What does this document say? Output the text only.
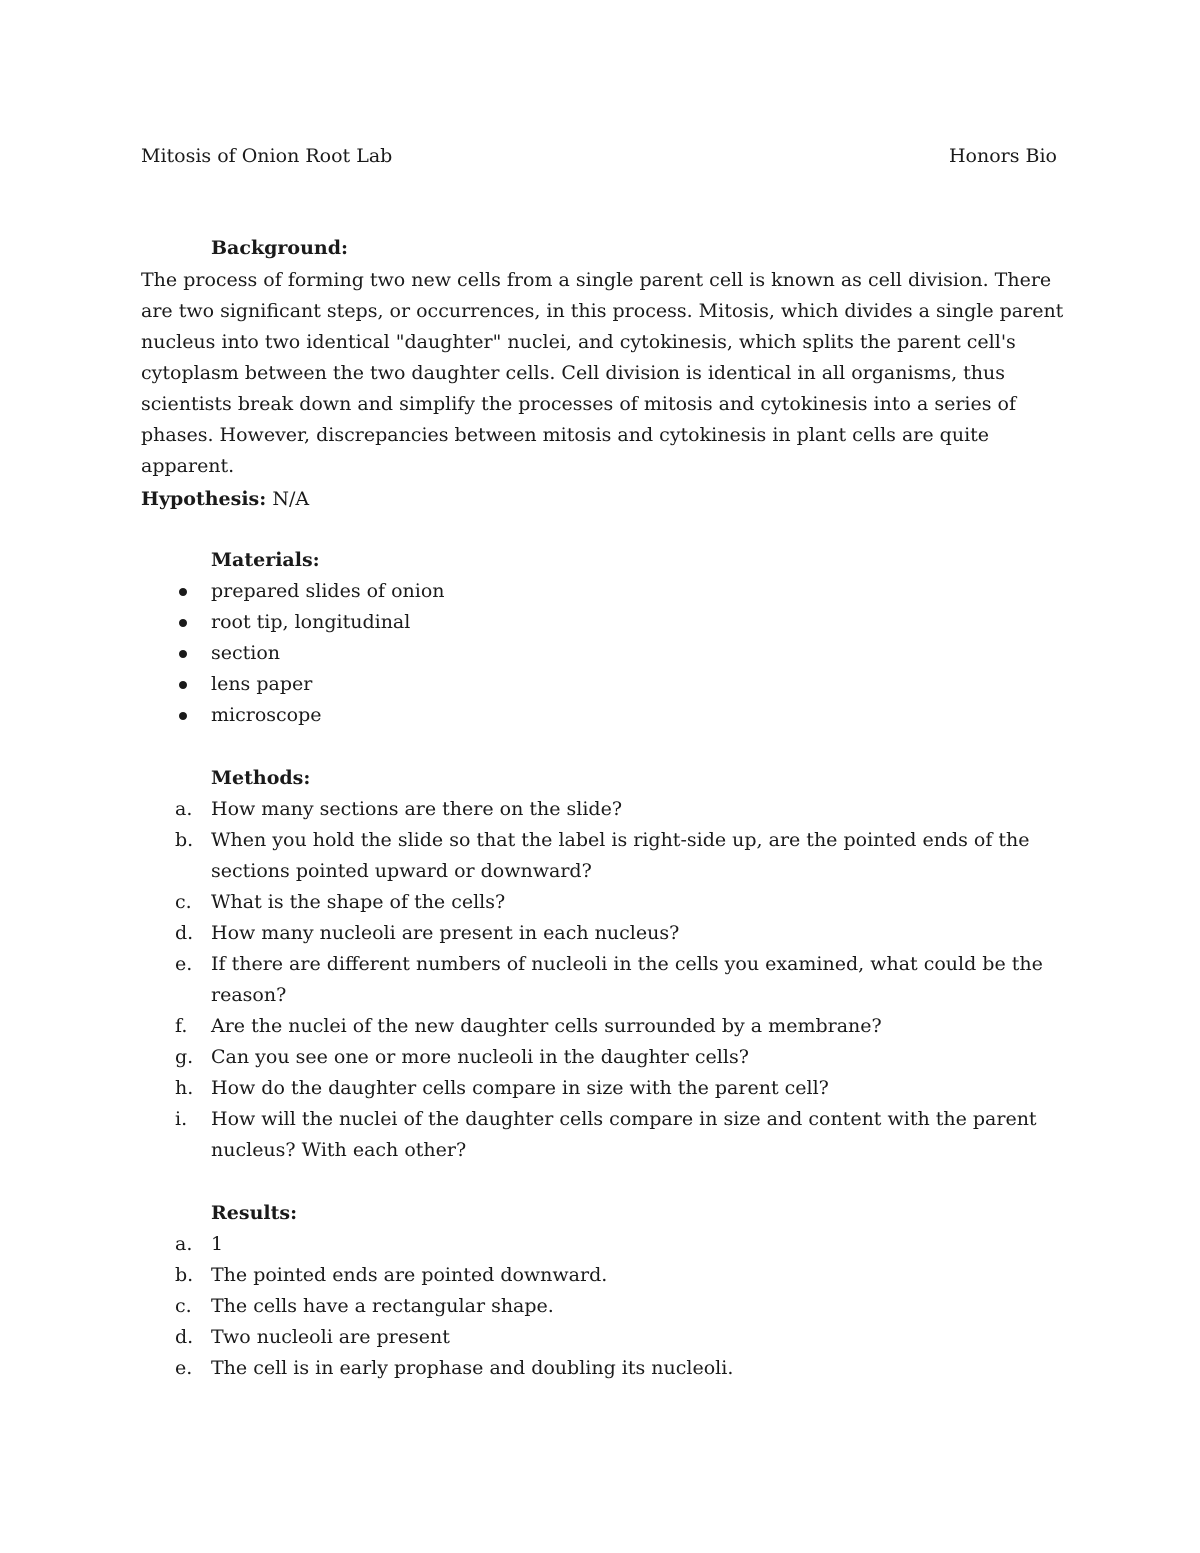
Mitosis of Onion Root Lab	Honors Bio
Background:
The process of forming two new cells from a single parent cell is known as cell division. There are two significant steps, or occurrences, in this process. Mitosis, which divides a single parent nucleus into two identical "daughter" nuclei, and cytokinesis, which splits the parent cell's cytoplasm between the two daughter cells. Cell division is identical in all organisms, thus scientists break down and simplify the processes of mitosis and cytokinesis into a series of phases. However, discrepancies between mitosis and cytokinesis in plant cells are quite apparent.
Hypothesis: N/A
Materials:
prepared slides of onion
root tip, longitudinal
section
lens paper
microscope
Methods:
a. How many sections are there on the slide?
b. When you hold the slide so that the label is right-side up, are the pointed ends of the sections pointed upward or downward?
c. What is the shape of the cells?
d. How many nucleoli are present in each nucleus?
e. If there are different numbers of nucleoli in the cells you examined, what could be the reason?
f. Are the nuclei of the new daughter cells surrounded by a membrane?
g. Can you see one or more nucleoli in the daughter cells?
h. How do the daughter cells compare in size with the parent cell?
i. How will the nuclei of the daughter cells compare in size and content with the parent nucleus? With each other?
Results:
a. 1
b. The pointed ends are pointed downward.
c. The cells have a rectangular shape.
d. Two nucleoli are present
e. The cell is in early prophase and doubling its nucleoli.
